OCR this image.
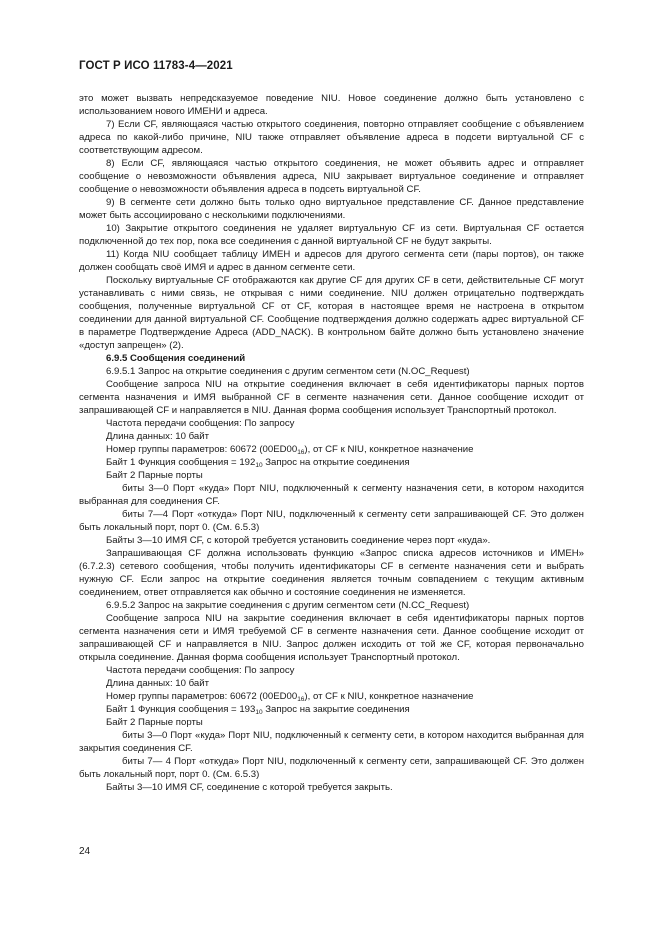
ГОСТ Р ИСО 11783-4—2021

это может вызвать непредсказуемое поведение NIU. Новое соединение должно быть установлено с использованием нового ИМЕНИ и адреса.

7) Если CF, являющаяся частью открытого соединения, повторно отправляет сообщение с объявлением адреса по какой-либо причине, NIU также отправляет объявление адреса в подсети виртуальной CF с соответствующим адресом.

8) Если CF, являющаяся частью открытого соединения, не может объявить адрес и отправляет сообщение о невозможности объявления адреса, NIU закрывает виртуальное соединение и отправляет сообщение о невозможности объявления адреса в подсеть виртуальной CF.

9) В сегменте сети должно быть только одно виртуальное представление CF. Данное представление может быть ассоциировано с несколькими подключениями.

10) Закрытие открытого соединения не удаляет виртуальную CF из сети. Виртуальная CF остается подключенной до тех пор, пока все соединения с данной виртуальной CF не будут закрыты.

11) Когда NIU сообщает таблицу ИМЕН и адресов для другого сегмента сети (пары портов), он также должен сообщать своё ИМЯ и адрес в данном сегменте сети.

Поскольку виртуальные CF отображаются как другие CF для других CF в сети, действительные CF могут устанавливать с ними связь, не открывая с ними соединение. NIU должен отрицательно подтверждать сообщения, полученные виртуальной CF от CF, которая в настоящее время не настроена в открытом соединении для данной виртуальной CF. Сообщение подтверждения должно содержать адрес виртуальной CF в параметре Подтверждение Адреса (ADD_NACK). В контрольном байте должно быть установлено значение «доступ запрещен» (2).

6.9.5 Сообщения соединений

6.9.5.1 Запрос на открытие соединения с другим сегментом сети (N.OC_Request)

Сообщение запроса NIU на открытие соединения включает в себя идентификаторы парных портов сегмента назначения и ИМЯ выбранной CF в сегменте назначения сети. Данное сообщение исходит от запрашивающей CF и направляется в NIU. Данная форма сообщения использует Транспортный протокол.

Частота передачи сообщения: По запросу

Длина данных: 10 байт

Номер группы параметров: 60672 $(00ED00_{16})$, от CF к NIU, конкретное назначение

Байт 1 Функция сообщения = $192_{10}$ Запрос на открытие соединения

Байт 2 Парные порты

биты 3—0 Порт «куда» Порт NIU, подключенный к сегменту назначения сети, в котором находится выбранная для соединения CF.

биты 7—4 Порт «откуда» Порт NIU, подключенный к сегменту сети запрашивающей CF. Это должен быть локальный порт, порт 0. (См. 6.5.3)

Байты 3—10 ИМЯ CF, с которой требуется установить соединение через порт «куда».

Запрашивающая CF должна использовать функцию «Запрос списка адресов источников и ИМЕН» (6.7.2.3) сетевого сообщения, чтобы получить идентификаторы CF в сегменте назначения сети и выбрать нужную CF. Если запрос на открытие соединения является точным совпадением с текущим активным соединением, ответ отправляется как обычно и состояние соединения не изменяется.

6.9.5.2 Запрос на закрытие соединения с другим сегментом сети (N.CC_Request)

Сообщение запроса NIU на закрытие соединения включает в себя идентификаторы парных портов сегмента назначения сети и ИМЯ требуемой CF в сегменте назначения сети. Данное сообщение исходит от запрашивающей CF и направляется в NIU. Запрос должен исходить от той же CF, которая первоначально открыла соединение. Данная форма сообщения использует Транспортный протокол.

Частота передачи сообщения: По запросу

Длина данных: 10 байт

Номер группы параметров: 60672 $(00ED00_{16})$, от CF к NIU, конкретное назначение

Байт 1 Функция сообщения = $193_{10}$ Запрос на закрытие соединения

Байт 2 Парные порты

биты 3—0 Порт «куда» Порт NIU, подключенный к сегменту сети, в котором находится выбранная для закрытия соединения CF.

биты 7— 4 Порт «откуда» Порт NIU, подключенный к сегменту сети, запрашивающей CF. Это должен быть локальный порт, порт 0. (См. 6.5.3)

Байты 3—10 ИМЯ CF, соединение с которой требуется закрыть.

24
